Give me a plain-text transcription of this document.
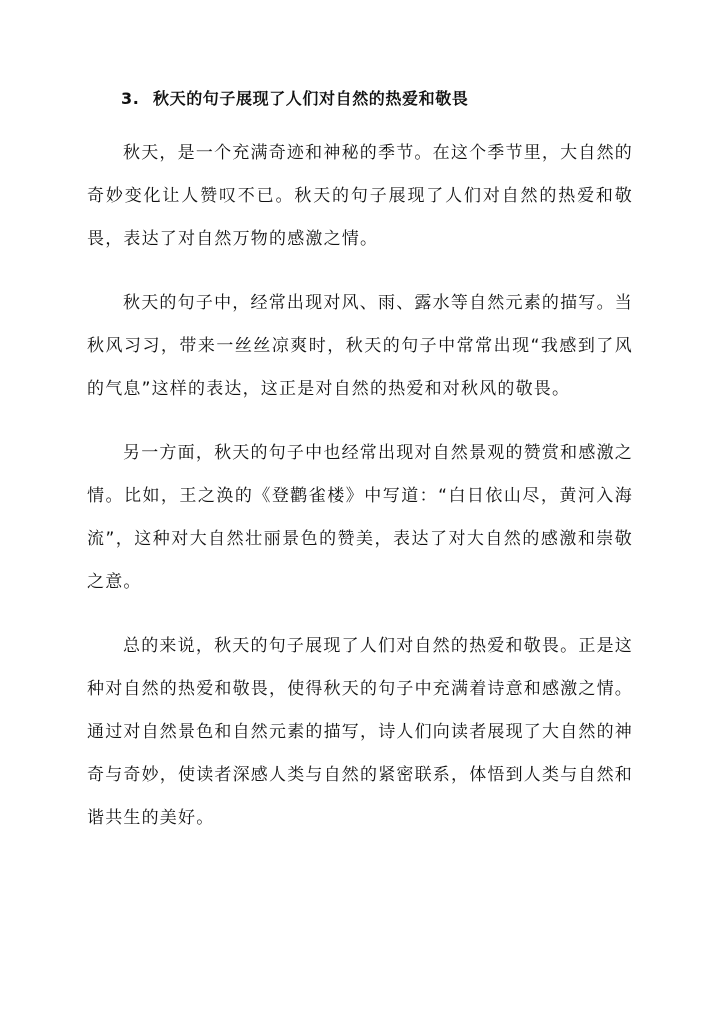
3. 秋天的句子展现了人们对自然的热爱和敬畏

秋天，是一个充满奇迹和神秘的季节。在这个季节里，大自然的奇妙变化让人赞叹不已。秋天的句子展现了人们对自然的热爱和敬畏，表达了对自然万物的感激之情。

秋天的句子中，经常出现对风、雨、露水等自然元素的描写。当秋风习习，带来一丝丝凉爽时，秋天的句子中常常出现“我感到了风的气息”这样的表达，这正是对自然的热爱和对秋风的敬畏。

另一方面，秋天的句子中也经常出现对自然景观的赞赏和感激之情。比如，王之涣的《登鹳雀楼》中写道：“白日依山尽，黄河入海流”，这种对大自然壮丽景色的赞美，表达了对大自然的感激和崇敬之意。

总的来说，秋天的句子展现了人们对自然的热爱和敬畏。正是这种对自然的热爱和敬畏，使得秋天的句子中充满着诗意和感激之情。通过对自然景色和自然元素的描写，诗人们向读者展现了大自然的神奇与奇妙，使读者深感人类与自然的紧密联系，体悟到人类与自然和谐共生的美好。
